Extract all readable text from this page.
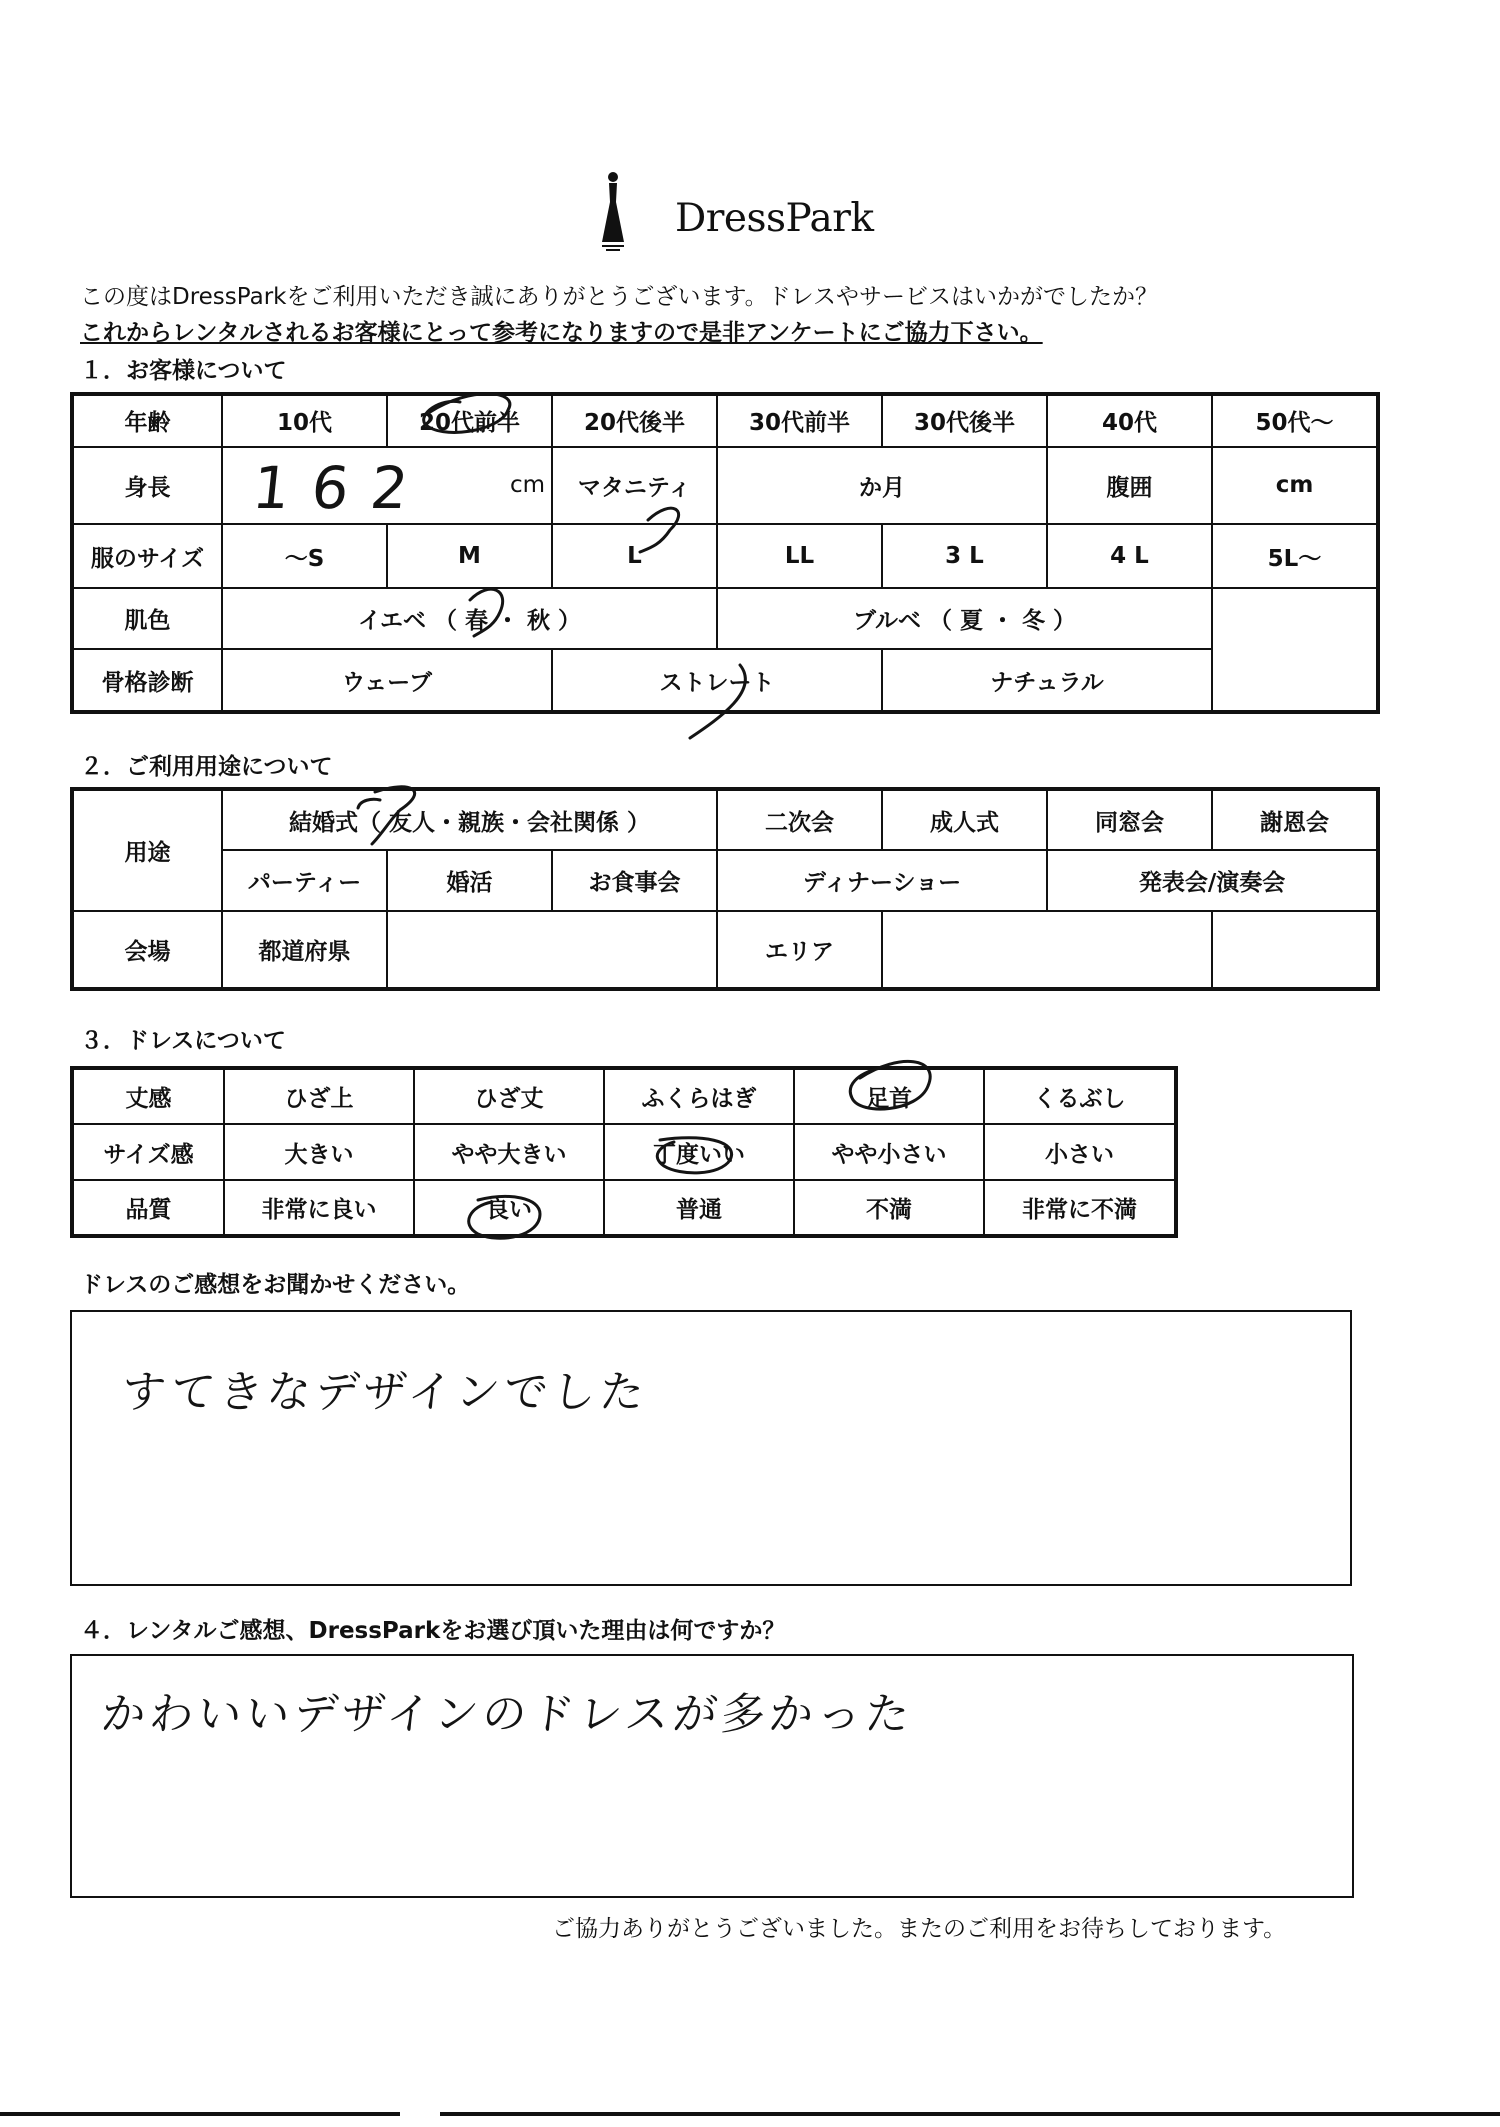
DressPark
この度はDressParkをご利用いただき誠にありがとうございます。ドレスやサービスはいかがでしたか？
これからレンタルされるお客様にとって参考になりますので是非アンケートにご協力下さい。
１．お客様について
年齢	10代	20代前半	20代後半	30代前半	30代後半	40代	50代～
身長	162 cm		マタニティ	か月		腹囲	cm
服のサイズ	～S	M	L	LL	3 L	4 L	5L～
肌色	イエベ （ 春 ・ 秋 ）			ブルベ （ 夏 ・ 冬 ）			
骨格診断	ウェーブ		ストレート		ナチュラル		
２．ご利用用途について
用途	結婚式（ 友人・親族・会社関係 ）			二次会	成人式	同窓会	謝恩会
	パーティー	婚活	お食事会	ディナーショー		発表会/演奏会	
会場	都道府県			エリア			
３．ドレスについて
丈感	ひざ上	ひざ丈	ふくらはぎ	足首	くるぶし
サイズ感	大きい	やや大きい	丁度いい	やや小さい	小さい
品質	非常に良い	良い	普通	不満	非常に不満
ドレスのご感想をお聞かせください。
すてきなデザインでした
４．レンタルご感想、DressParkをお選び頂いた理由は何ですか？
かわいいデザインのドレスが多かった
ご協力ありがとうございました。またのご利用をお待ちしております。
